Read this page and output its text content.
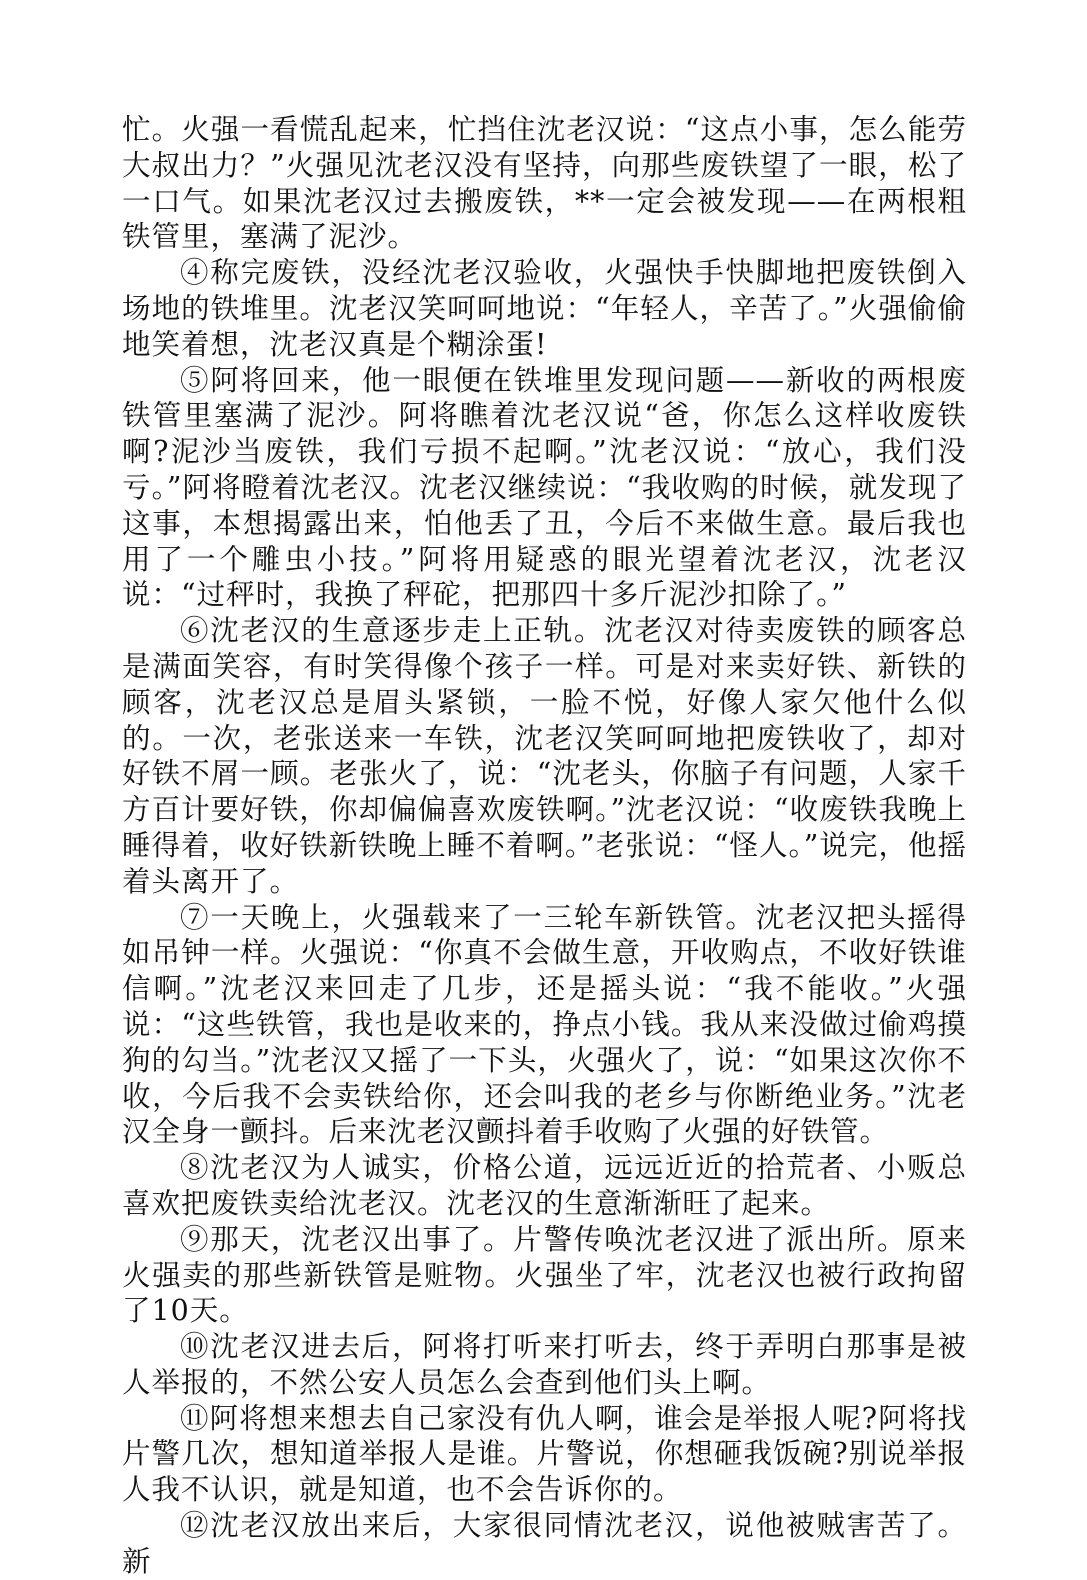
忙。火强一看慌乱起来，忙挡住沈老汉说：“这点小事，怎么能劳大叔出力？”火强见沈老汉没有坚持，向那些废铁望了一眼，松了一口气。如果沈老汉过去搬废铁，**一定会被发现——在两根粗铁管里，塞满了泥沙。

④称完废铁，没经沈老汉验收，火强快手快脚地把废铁倒入场地的铁堆里。沈老汉笑呵呵地说：“年轻人，辛苦了。”火强偷偷地笑着想，沈老汉真是个糊涂蛋!

⑤阿将回来，他一眼便在铁堆里发现问题——新收的两根废铁管里塞满了泥沙。阿将瞧着沈老汉说“爸，你怎么这样收废铁啊?泥沙当废铁，我们亏损不起啊。”沈老汉说：“放心，我们没亏。”阿将瞪着沈老汉。沈老汉继续说：“我收购的时候，就发现了这事，本想揭露出来，怕他丢了丑，今后不来做生意。最后我也用了一个雕虫小技。”阿将用疑惑的眼光望着沈老汉，沈老汉说：“过秤时，我换了秤砣，把那四十多斤泥沙扣除了。”

⑥沈老汉的生意逐步走上正轨。沈老汉对待卖废铁的顾客总是满面笑容，有时笑得像个孩子一样。可是对来卖好铁、新铁的顾客，沈老汉总是眉头紧锁，一脸不悦，好像人家欠他什么似的。一次，老张送来一车铁，沈老汉笑呵呵地把废铁收了，却对好铁不屑一顾。老张火了，说：“沈老头，你脑子有问题，人家千方百计要好铁，你却偏偏喜欢废铁啊。”沈老汉说：“收废铁我晚上睡得着，收好铁新铁晚上睡不着啊。”老张说：“怪人。”说完，他摇着头离开了。

⑦一天晚上，火强载来了一三轮车新铁管。沈老汉把头摇得如吊钟一样。火强说：“你真不会做生意，开收购点，不收好铁谁信啊。”沈老汉来回走了几步，还是摇头说：“我不能收。”火强说：“这些铁管，我也是收来的，挣点小钱。我从来没做过偷鸡摸狗的勾当。”沈老汉又摇了一下头，火强火了，说：“如果这次你不收，今后我不会卖铁给你，还会叫我的老乡与你断绝业务。”沈老汉全身一颤抖。后来沈老汉颤抖着手收购了火强的好铁管。

⑧沈老汉为人诚实，价格公道，远远近近的拾荒者、小贩总喜欢把废铁卖给沈老汉。沈老汉的生意渐渐旺了起来。

⑨那天，沈老汉出事了。片警传唤沈老汉进了派出所。原来火强卖的那些新铁管是赃物。火强坐了牢，沈老汉也被行政拘留了10天。

⑩沈老汉进去后，阿将打听来打听去，终于弄明白那事是被人举报的，不然公安人员怎么会查到他们头上啊。

⑪阿将想来想去自己家没有仇人啊，谁会是举报人呢?阿将找片警几次，想知道举报人是谁。片警说，你想砸我饭碗?别说举报人我不认识，就是知道，也不会告诉你的。

⑫沈老汉放出来后，大家很同情沈老汉，说他被贼害苦了。新
